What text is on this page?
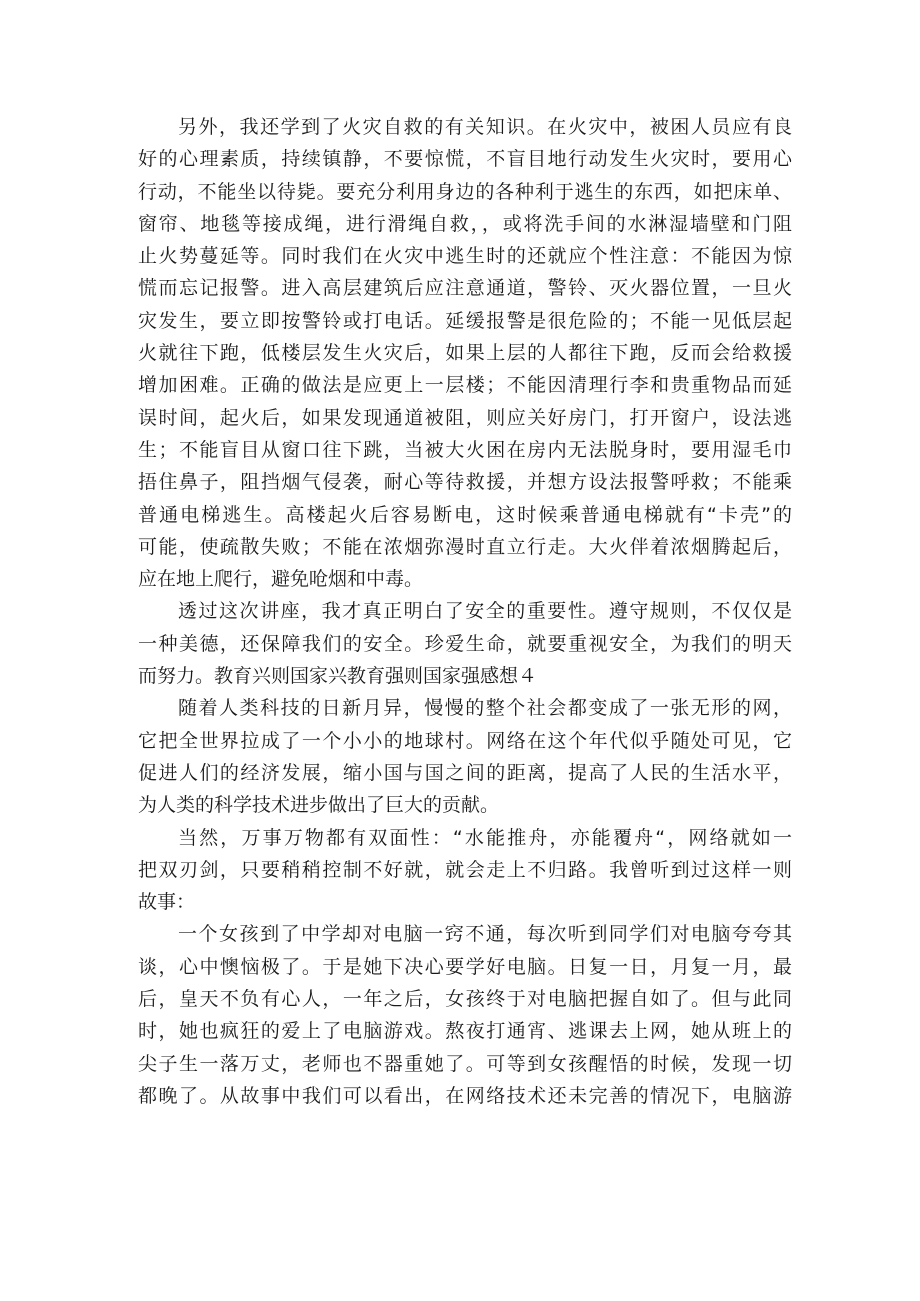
另外，我还学到了火灾自救的有关知识。在火灾中，被困人员应有良
好的心理素质，持续镇静，不要惊慌，不盲目地行动发生火灾时，要用心
行动，不能坐以待毙。要充分利用身边的各种利于逃生的东西，如把床单、
窗帘、地毯等接成绳，进行滑绳自救，，或将洗手间的水淋湿墙壁和门阻
止火势蔓延等。同时我们在火灾中逃生时的还就应个性注意：不能因为惊
慌而忘记报警。进入高层建筑后应注意通道，警铃、灭火器位置，一旦火
灾发生，要立即按警铃或打电话。延缓报警是很危险的；不能一见低层起
火就往下跑，低楼层发生火灾后，如果上层的人都往下跑，反而会给救援
增加困难。正确的做法是应更上一层楼；不能因清理行李和贵重物品而延
误时间，起火后，如果发现通道被阻，则应关好房门，打开窗户，设法逃
生；不能盲目从窗口往下跳，当被大火困在房内无法脱身时，要用湿毛巾
捂住鼻子，阻挡烟气侵袭，耐心等待救援，并想方设法报警呼救；不能乘
普通电梯逃生。高楼起火后容易断电，这时候乘普通电梯就有“卡壳”的
可能，使疏散失败；不能在浓烟弥漫时直立行走。大火伴着浓烟腾起后，
应在地上爬行，避免呛烟和中毒。
透过这次讲座，我才真正明白了安全的重要性。遵守规则，不仅仅是
一种美德，还保障我们的安全。珍爱生命，就要重视安全，为我们的明天
而努力。教育兴则国家兴教育强则国家强感想４
随着人类科技的日新月异，慢慢的整个社会都变成了一张无形的网，
它把全世界拉成了一个小小的地球村。网络在这个年代似乎随处可见，它
促进人们的经济发展，缩小国与国之间的距离，提高了人民的生活水平，
为人类的科学技术进步做出了巨大的贡献。
当然，万事万物都有双面性：“水能推舟，亦能覆舟“，网络就如一
把双刃剑，只要稍稍控制不好就，就会走上不归路。我曾听到过这样一则
故事：
一个女孩到了中学却对电脑一窍不通，每次听到同学们对电脑夸夸其
谈，心中懊恼极了。于是她下决心要学好电脑。日复一日，月复一月，最
后，皇天不负有心人，一年之后，女孩终于对电脑把握自如了。但与此同
时，她也疯狂的爱上了电脑游戏。熬夜打通宵、逃课去上网，她从班上的
尖子生一落万丈，老师也不器重她了。可等到女孩醒悟的时候，发现一切
都晚了。从故事中我们可以看出，在网络技术还未完善的情况下，电脑游
